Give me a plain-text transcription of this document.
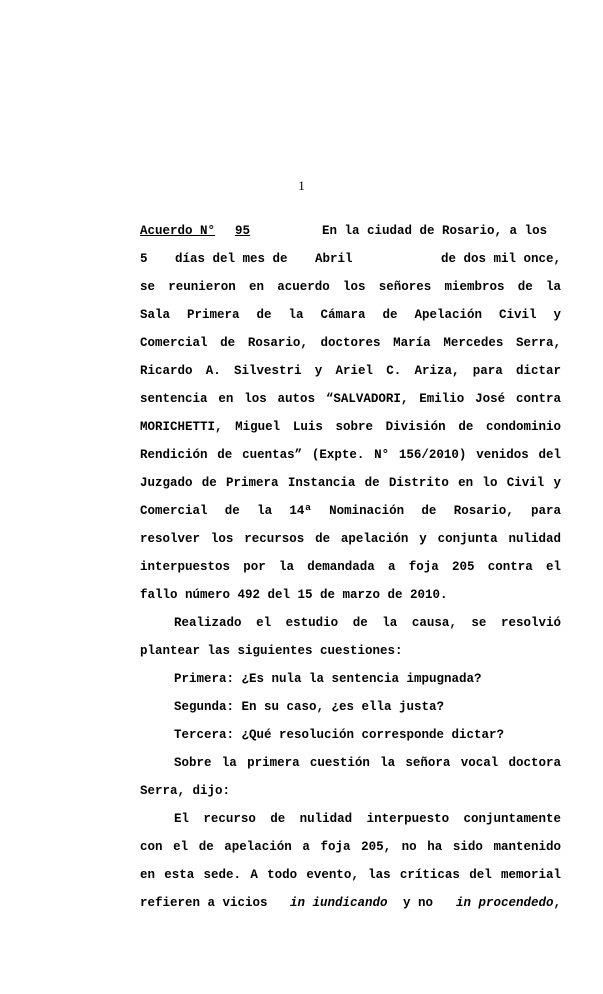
1
Acuerdo N° 95	En la ciudad de Rosario, a los
5 días del mes de Abril	de dos mil once,
se reunieron en acuerdo los señores miembros de la
Sala Primera de la Cámara de Apelación Civil y
Comercial de Rosario, doctores María Mercedes Serra,
Ricardo A. Silvestri y Ariel C. Ariza, para dictar
sentencia en los autos “SALVADORI, Emilio José contra
MORICHETTI, Miguel Luis sobre División de condominio
Rendición de cuentas” (Expte. N° 156/2010) venidos del
Juzgado de Primera Instancia de Distrito en lo Civil y
Comercial de la 14ª Nominación de Rosario, para
resolver los recursos de apelación y conjunta nulidad
interpuestos por la demandada a foja 205 contra el
fallo número 492 del 15 de marzo de 2010.
Realizado el estudio de la causa, se resolvió
plantear las siguientes cuestiones:
Primera: ¿Es nula la sentencia impugnada?
Segunda: En su caso, ¿es ella justa?
Tercera: ¿Qué resolución corresponde dictar?
Sobre la primera cuestión la señora vocal doctora
Serra, dijo:
El recurso de nulidad interpuesto conjuntamente
con el de apelación a foja 205, no ha sido mantenido
en esta sede. A todo evento, las críticas del memorial
refieren a vicios in iundicando y no in procendedo,
